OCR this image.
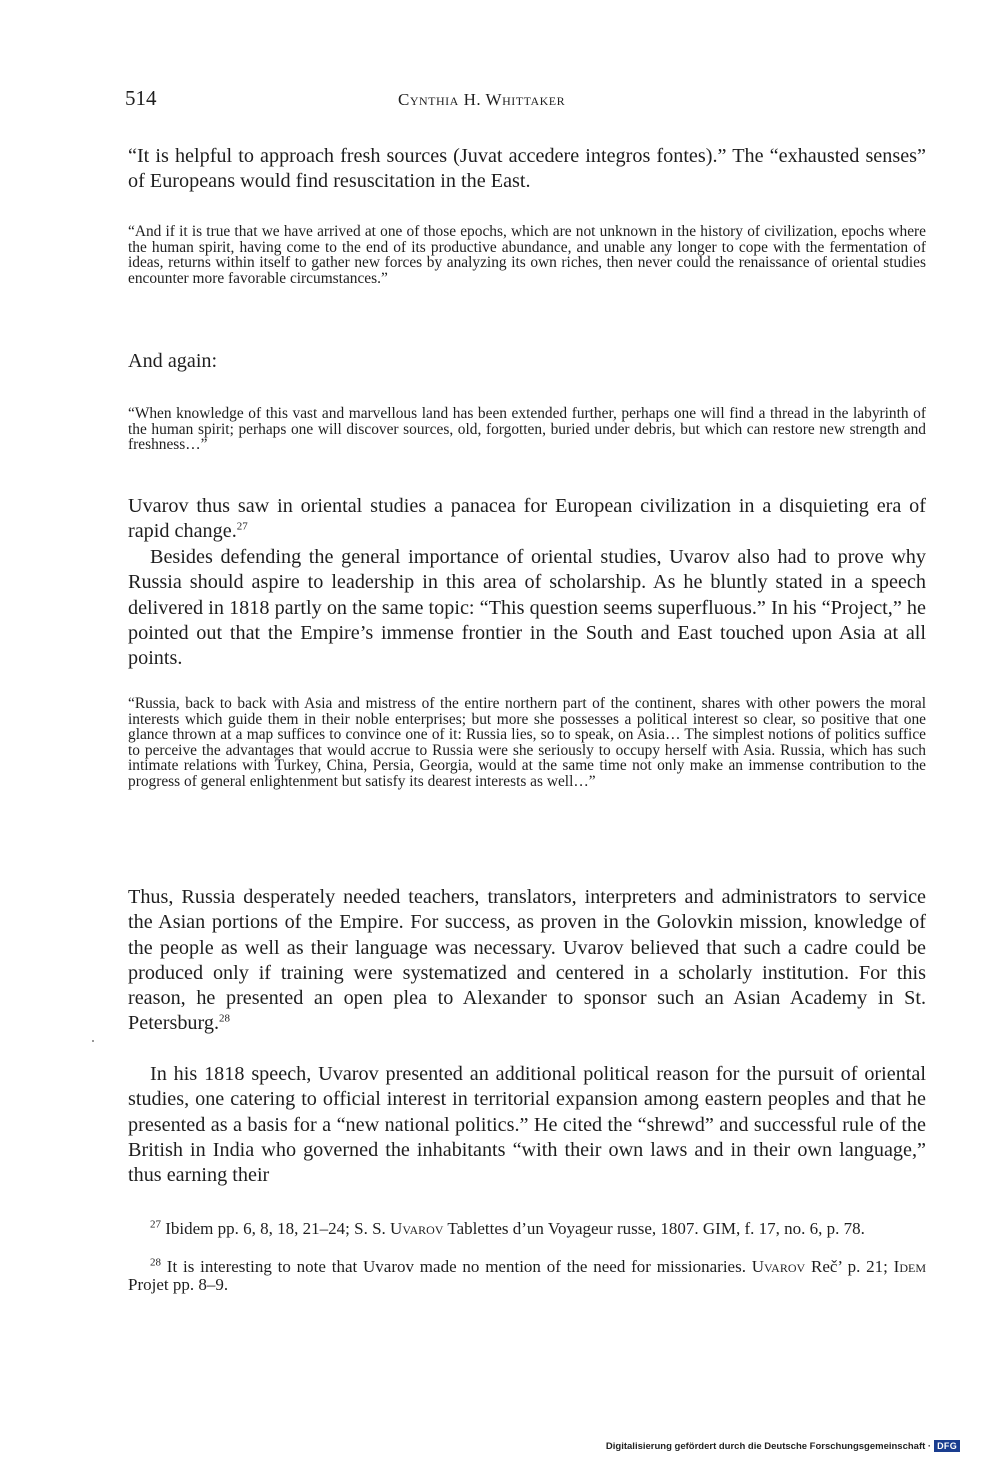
514	Cynthia H. Whittaker

“It is helpful to approach fresh sources (Juvat accedere integros fontes).” The “exhausted senses” of Europeans would find resuscitation in the East.

“And if it is true that we have arrived at one of those epochs, which are not unknown in the history of civilization, epochs where the human spirit, having come to the end of its productive abundance, and unable any longer to cope with the fermentation of ideas, returns within itself to gather new forces by analyzing its own riches, then never could the renaissance of oriental studies encounter more favorable circumstances.”

And again:

“When knowledge of this vast and marvellous land has been extended further, perhaps one will find a thread in the labyrinth of the human spirit; perhaps one will discover sources, old, forgotten, buried under debris, but which can restore new strength and freshness…”

Uvarov thus saw in oriental studies a panacea for European civilization in a disquieting era of rapid change.$^{27}$

Besides defending the general importance of oriental studies, Uvarov also had to prove why Russia should aspire to leadership in this area of scholarship. As he bluntly stated in a speech delivered in 1818 partly on the same topic: “This question seems superfluous.” In his “Project,” he pointed out that the Empire’s immense frontier in the South and East touched upon Asia at all points.

“Russia, back to back with Asia and mistress of the entire northern part of the continent, shares with other powers the moral interests which guide them in their noble enterprises; but more she possesses a political interest so clear, so positive that one glance thrown at a map suffices to convince one of it: Russia lies, so to speak, on Asia… The simplest notions of politics suffice to perceive the advantages that would accrue to Russia were she seriously to occupy herself with Asia. Russia, which has such intimate relations with Turkey, China, Persia, Georgia, would at the same time not only make an immense contribution to the progress of general enlightenment but satisfy its dearest interests as well…”

Thus, Russia desperately needed teachers, translators, interpreters and administrators to service the Asian portions of the Empire. For success, as proven in the Golovkin mission, knowledge of the people as well as their language was necessary. Uvarov believed that such a cadre could be produced only if training were systematized and centered in a scholarly institution. For this reason, he presented an open plea to Alexander to sponsor such an Asian Academy in St. Petersburg.$^{28}$

In his 1818 speech, Uvarov presented an additional political reason for the pursuit of oriental studies, one catering to official interest in territorial expansion among eastern peoples and that he presented as a basis for a “new national politics.” He cited the “shrewd” and successful rule of the British in India who governed the inhabitants “with their own laws and in their own language,” thus earning their

$^{27}$ Ibidem pp. 6, 8, 18, 21–24; S. S. Uvarov Tablettes d’un Voyageur russe, 1807. GIM, f. 17, no. 6, p. 78.

$^{28}$ It is interesting to note that Uvarov made no mention of the need for missionaries. Uvarov Reč’ p. 21; Idem Projet pp. 8–9.

Digitalisierung gefördert durch die Deutsche Forschungsgemeinschaft · DFG
